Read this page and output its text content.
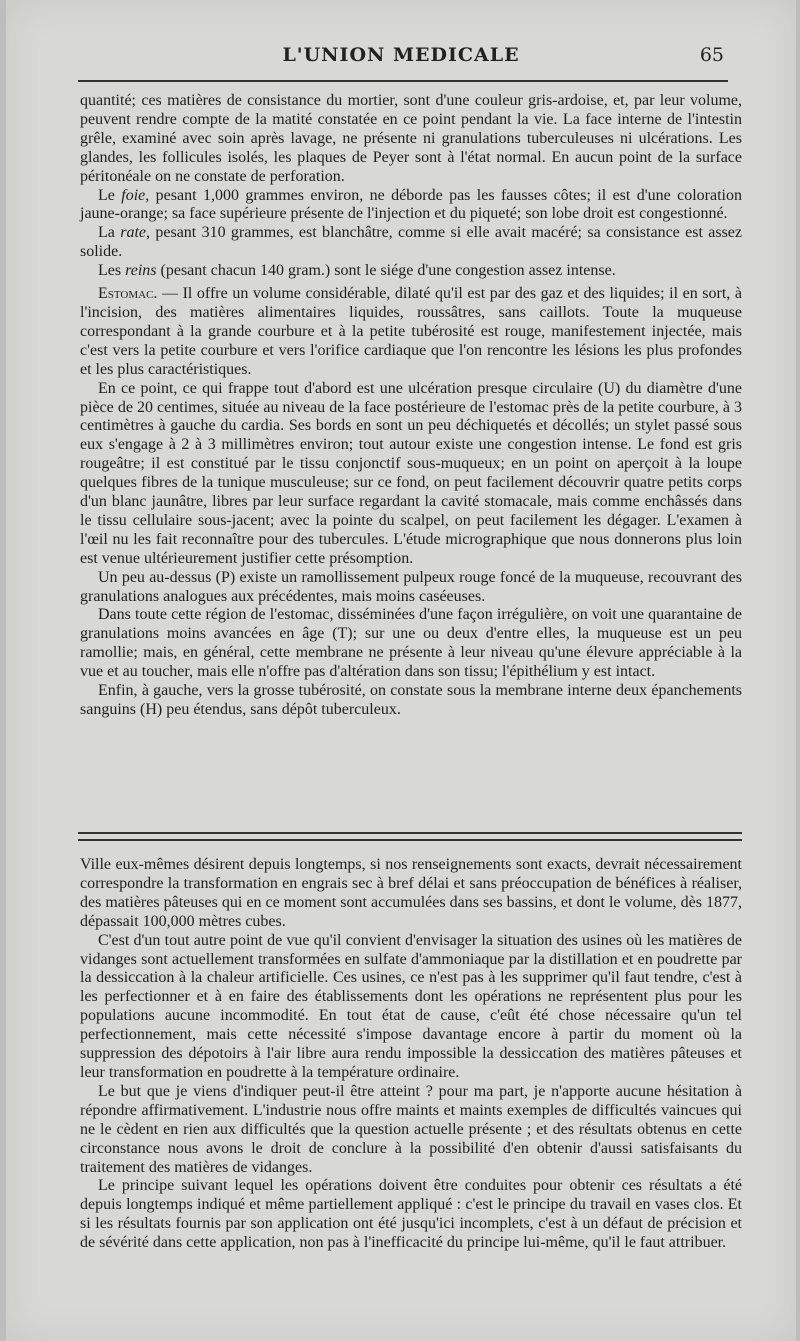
L'UNION MEDICALE	65

quantité; ces matières de consistance du mortier, sont d'une couleur gris-ardoise, et, par leur volume, peuvent rendre compte de la matité constatée en ce point pendant la vie. La face interne de l'intestin grêle, examiné avec soin après lavage, ne présente ni granulations tuberculeuses ni ulcérations. Les glandes, les follicules isolés, les plaques de Peyer sont à l'état normal. En aucun point de la surface péritonéale on ne constate de perforation.

Le foie, pesant 1,000 grammes environ, ne déborde pas les fausses côtes; il est d'une coloration jaune-orange; sa face supérieure présente de l'injection et du piqueté; son lobe droit est congestionné.

La rate, pesant 310 grammes, est blanchâtre, comme si elle avait macéré; sa consistance est assez solide.

Les reins (pesant chacun 140 gram.) sont le siége d'une congestion assez intense.

Estomac. — Il offre un volume considérable, dilaté qu'il est par des gaz et des liquides; il en sort, à l'incision, des matières alimentaires liquides, roussâtres, sans caillots. Toute la muqueuse correspondant à la grande courbure et à la petite tubérosité est rouge, manifestement injectée, mais c'est vers la petite courbure et vers l'orifice cardiaque que l'on rencontre les lésions les plus profondes et les plus caractéristiques.

En ce point, ce qui frappe tout d'abord est une ulcération presque circulaire (U) du diamètre d'une pièce de 20 centimes, située au niveau de la face postérieure de l'estomac près de la petite courbure, à 3 centimètres à gauche du cardia. Ses bords en sont un peu déchiquetés et décollés; un stylet passé sous eux s'engage à 2 à 3 millimètres environ; tout autour existe une congestion intense. Le fond est gris rougeâtre; il est constitué par le tissu conjonctif sous-muqueux; en un point on aperçoit à la loupe quelques fibres de la tunique musculeuse; sur ce fond, on peut facilement découvrir quatre petits corps d'un blanc jaunâtre, libres par leur surface regardant la cavité stomacale, mais comme enchâssés dans le tissu cellulaire sous-jacent; avec la pointe du scalpel, on peut facilement les dégager. L'examen à l'œil nu les fait reconnaître pour des tubercules. L'étude micrographique que nous donnerons plus loin est venue ultérieurement justifier cette présomption.

Un peu au-dessus (P) existe un ramollissement pulpeux rouge foncé de la muqueuse, recouvrant des granulations analogues aux précédentes, mais moins caséeuses.

Dans toute cette région de l'estomac, disséminées d'une façon irrégulière, on voit une quarantaine de granulations moins avancées en âge (T); sur une ou deux d'entre elles, la muqueuse est un peu ramollie; mais, en général, cette membrane ne présente à leur niveau qu'une élevure appréciable à la vue et au toucher, mais elle n'offre pas d'altération dans son tissu; l'épithélium y est intact.

Enfin, à gauche, vers la grosse tubérosité, on constate sous la membrane interne deux épanchements sanguins (H) peu étendus, sans dépôt tuberculeux.

Ville eux-mêmes désirent depuis longtemps, si nos renseignements sont exacts, devrait nécessairement correspondre la transformation en engrais sec à bref délai et sans préoccupation de bénéfices à réaliser, des matières pâteuses qui en ce moment sont accumulées dans ses bassins, et dont le volume, dès 1877, dépassait 100,000 mètres cubes.

C'est d'un tout autre point de vue qu'il convient d'envisager la situation des usines où les matières de vidanges sont actuellement transformées en sulfate d'ammoniaque par la distillation et en poudrette par la dessiccation à la chaleur artificielle. Ces usines, ce n'est pas à les supprimer qu'il faut tendre, c'est à les perfectionner et à en faire des établissements dont les opérations ne représentent plus pour les populations aucune incommodité. En tout état de cause, c'eût été chose nécessaire qu'un tel perfectionnement, mais cette nécessité s'impose davantage encore à partir du moment où la suppression des dépotoirs à l'air libre aura rendu impossible la dessiccation des matières pâteuses et leur transformation en poudrette à la température ordinaire.

Le but que je viens d'indiquer peut-il être atteint ? pour ma part, je n'apporte aucune hésitation à répondre affirmativement. L'industrie nous offre maints et maints exemples de difficultés vaincues qui ne le cèdent en rien aux difficultés que la question actuelle présente ; et des résultats obtenus en cette circonstance nous avons le droit de conclure à la possibilité d'en obtenir d'aussi satisfaisants du traitement des matières de vidanges.

Le principe suivant lequel les opérations doivent être conduites pour obtenir ces résultats a été depuis longtemps indiqué et même partiellement appliqué : c'est le principe du travail en vases clos. Et si les résultats fournis par son application ont été jusqu'ici incomplets, c'est à un défaut de précision et de sévérité dans cette application, non pas à l'inefficacité du principe lui-même, qu'il le faut attribuer.
